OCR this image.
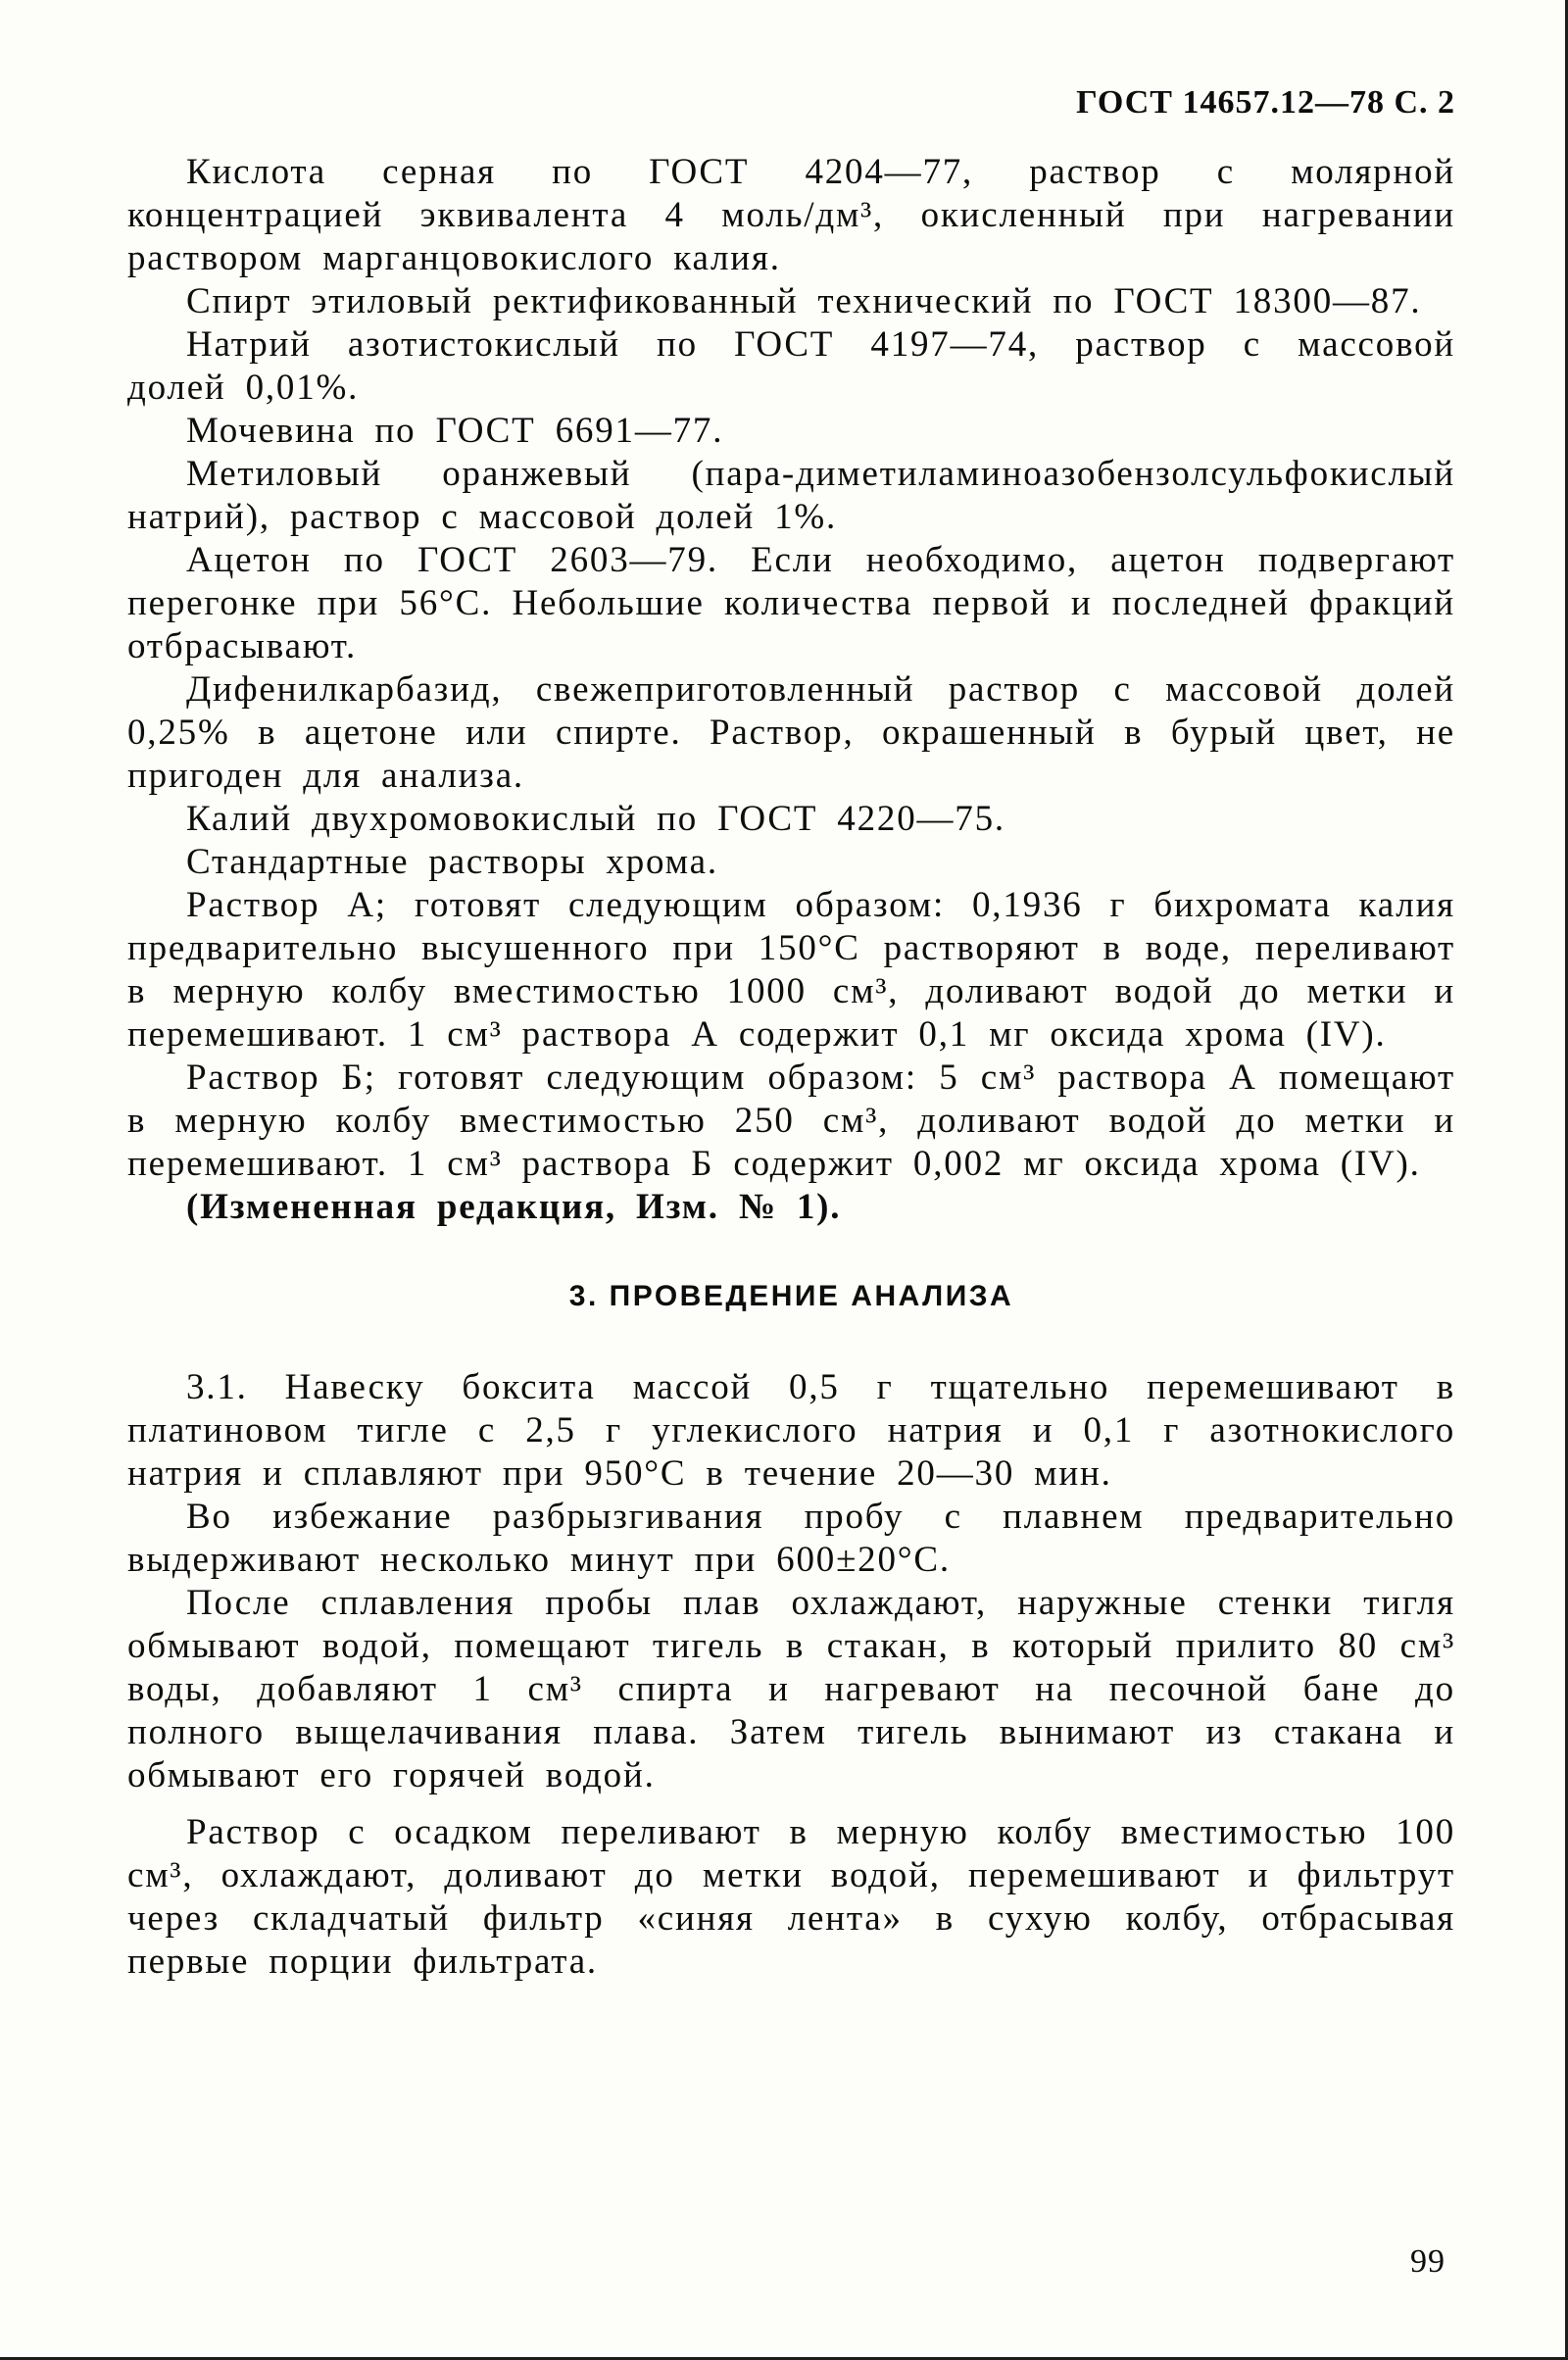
ГОСТ 14657.12—78 С. 2

Кислота серная по ГОСТ 4204—77, раствор с молярной концентрацией эквивалента 4 моль/дм³, окисленный при нагревании раствором марганцовокислого калия.

Спирт этиловый ректификованный технический по ГОСТ 18300—87.

Натрий азотистокислый по ГОСТ 4197—74, раствор с массовой долей 0,01%.

Мочевина по ГОСТ 6691—77.

Метиловый оранжевый (пара-диметиламиноазобензолсульфокислый натрий), раствор с массовой долей 1%.

Ацетон по ГОСТ 2603—79. Если необходимо, ацетон подвергают перегонке при 56°С. Небольшие количества первой и последней фракций отбрасывают.

Дифенилкарбазид, свежеприготовленный раствор с массовой долей 0,25% в ацетоне или спирте. Раствор, окрашенный в бурый цвет, не пригоден для анализа.

Калий двухромовокислый по ГОСТ 4220—75.

Стандартные растворы хрома.

Раствор А; готовят следующим образом: 0,1936 г бихромата калия предварительно высушенного при 150°С растворяют в воде, переливают в мерную колбу вместимостью 1000 см³, доливают водой до метки и перемешивают. 1 см³ раствора А содержит 0,1 мг оксида хрома (IV).

Раствор Б; готовят следующим образом: 5 см³ раствора А помещают в мерную колбу вместимостью 250 см³, доливают водой до метки и перемешивают. 1 см³ раствора Б содержит 0,002 мг оксида хрома (IV).

(Измененная редакция, Изм. № 1).

3. ПРОВЕДЕНИЕ АНАЛИЗА

3.1. Навеску боксита массой 0,5 г тщательно перемешивают в платиновом тигле с 2,5 г углекислого натрия и 0,1 г азотнокислого натрия и сплавляют при 950°С в течение 20—30 мин.

Во избежание разбрызгивания пробу с плавнем предварительно выдерживают несколько минут при 600±20°С.

После сплавления пробы плав охлаждают, наружные стенки тигля обмывают водой, помещают тигель в стакан, в который прилито 80 см³ воды, добавляют 1 см³ спирта и нагревают на песочной бане до полного выщелачивания плава. Затем тигель вынимают из стакана и обмывают его горячей водой.

Раствор с осадком переливают в мерную колбу вместимостью 100 см³, охлаждают, доливают до метки водой, перемешивают и фильтрут через складчатый фильтр «синяя лента» в сухую колбу, отбрасывая первые порции фильтрата.

99
